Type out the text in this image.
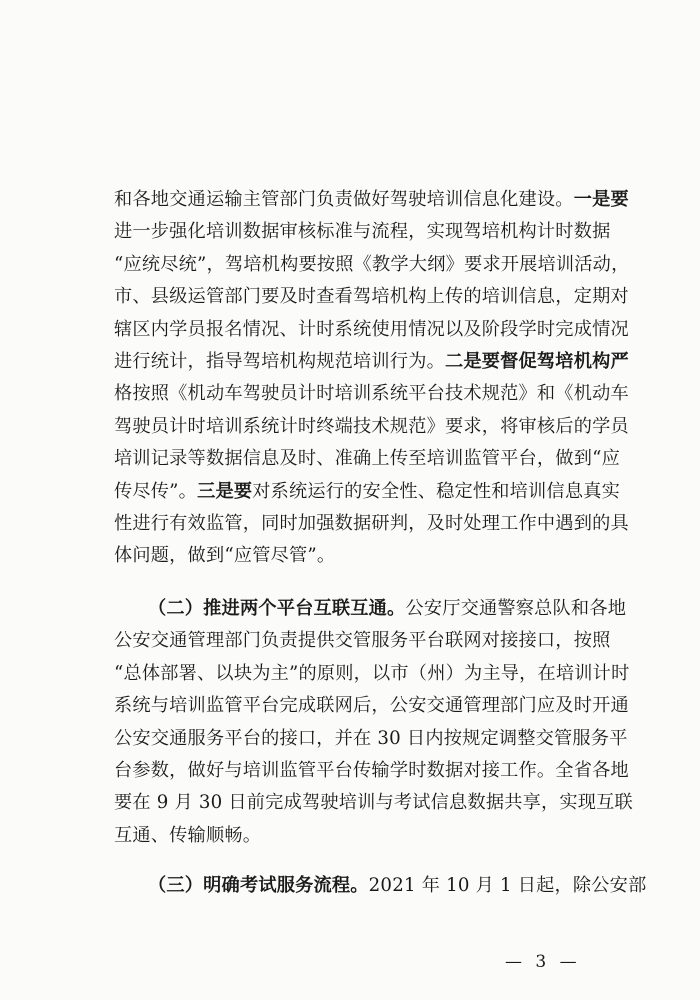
和各地交通运输主管部门负责做好驾驶培训信息化建设。一是要
进一步强化培训数据审核标准与流程，实现驾培机构计时数据
“应统尽统”，驾培机构要按照《教学大纲》要求开展培训活动，
市、县级运管部门要及时查看驾培机构上传的培训信息，定期对
辖区内学员报名情况、计时系统使用情况以及阶段学时完成情况
进行统计，指导驾培机构规范培训行为。二是要督促驾培机构严
格按照《机动车驾驶员计时培训系统平台技术规范》和《机动车
驾驶员计时培训系统计时终端技术规范》要求，将审核后的学员
培训记录等数据信息及时、准确上传至培训监管平台，做到“应
传尽传”。三是要对系统运行的安全性、稳定性和培训信息真实
性进行有效监管，同时加强数据研判，及时处理工作中遇到的具
体问题，做到“应管尽管”。
（二）推进两个平台互联互通。公安厅交通警察总队和各地
公安交通管理部门负责提供交管服务平台联网对接接口，按照
“总体部署、以块为主”的原则，以市（州）为主导，在培训计时
系统与培训监管平台完成联网后，公安交通管理部门应及时开通
公安交通服务平台的接口，并在 30 日内按规定调整交管服务平
台参数，做好与培训监管平台传输学时数据对接工作。全省各地
要在 9 月 30 日前完成驾驶培训与考试信息数据共享，实现互联
互通、传输顺畅。
（三）明确考试服务流程。2021 年 10 月 1 日起，除公安部
— 3 —
